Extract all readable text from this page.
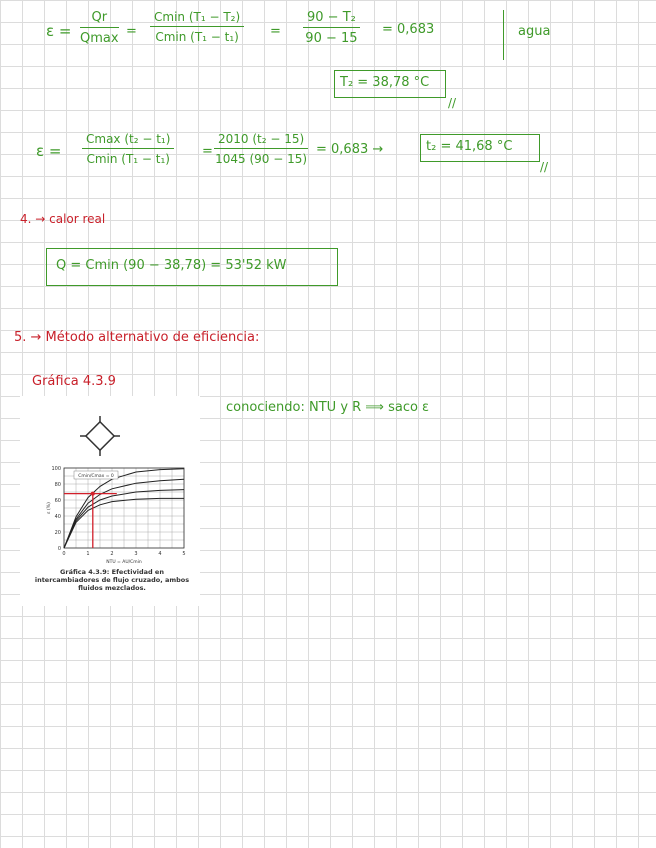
ε =
Qr
Qmax =
Cmin (T₁ − T₂)
Cmin (T₁ − t₁)	= $\frac{\text{90 − T₂}}{90 - 15} = 0,683$	agua
T₂ = 38,78 °C
//
ε =
Cmax (t₂ − t₁)
Cmin (T₁ − t₁)	= $\frac{\text{2010 (t₂ − 15)}}{1045 (90 - 15)} = 0,683$ →	t₂ = 41,68 °C
//
4. → calor real
Q = Cmin (90 − 38,78) = 53'52 kW
5. → Método alternativo de eficiencia:
Gráfica 4.3.9
conociendo: NTU y R ⟹ saco ε
100
80
60
40
20
0
0	1	2	3	4	5
NTU = AU/Cmin
ε (%)
Cmin/Cmax = 0
Gráfica 4.3.9: Efectividad en intercambiadores de flujo cruzado, ambos fluidos mezclados.
